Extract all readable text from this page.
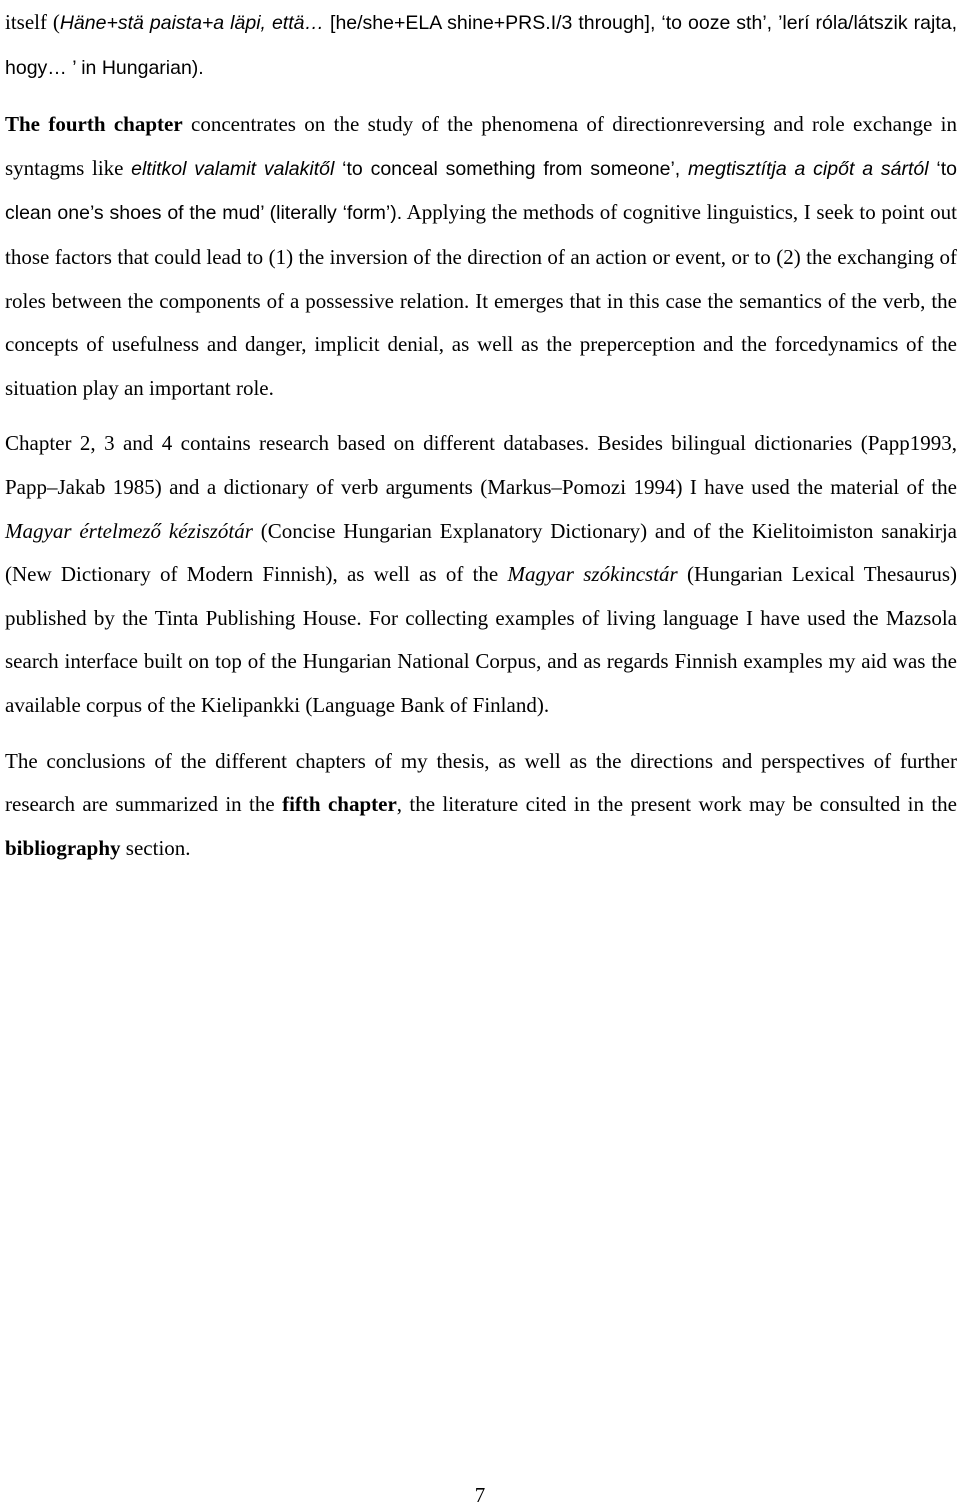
itself (Häne+stä paista+a läpi, että… [he/she+ELA shine+PRS.I/3 through], ‘to ooze sth’, ’lerí róla/látszik rajta, hogy… ’ in Hungarian).

The fourth chapter concentrates on the study of the phenomena of directionreversing and role exchange in syntagms like eltitkol valamit valakitől ‘to conceal something from someone’, megtisztítja a cipőt a sártól ‘to clean one’s shoes of the mud’ (literally ‘form’). Applying the methods of cognitive linguistics, I seek to point out those factors that could lead to (1) the inversion of the direction of an action or event, or to (2) the exchanging of roles between the components of a possessive relation. It emerges that in this case the semantics of the verb, the concepts of usefulness and danger, implicit denial, as well as the preperception and the forcedynamics of the situation play an important role.

Chapter 2, 3 and 4 contains research based on different databases. Besides bilingual dictionaries (Papp1993, Papp–Jakab 1985) and a dictionary of verb arguments (Markus–Pomozi 1994) I have used the material of the Magyar értelmező kéziszótár (Concise Hungarian Explanatory Dictionary) and of the Kielitoimiston sanakirja (New Dictionary of Modern Finnish), as well as of the Magyar szókincstár (Hungarian Lexical Thesaurus) published by the Tinta Publishing House. For collecting examples of living language I have used the Mazsola search interface built on top of the Hungarian National Corpus, and as regards Finnish examples my aid was the available corpus of the Kielipankki (Language Bank of Finland).

The conclusions of the different chapters of my thesis, as well as the directions and perspectives of further research are summarized in the fifth chapter, the literature cited in the present work may be consulted in the bibliography section.

7
